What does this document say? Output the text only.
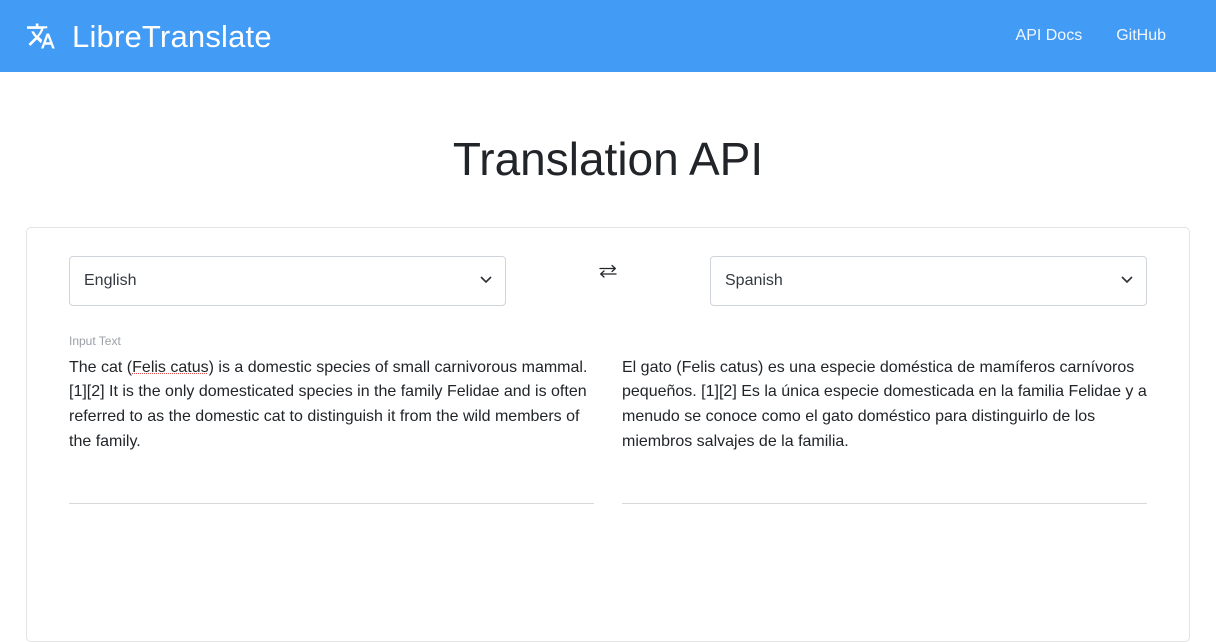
LibreTranslate	API Docs GitHub
Translation API
English
Spanish
Input Text
The cat (Felis catus) is a domestic species of small carnivorous mammal.[1][2] It is the only domesticated species in the family Felidae and is often referred to as the domestic cat to distinguish it from the wild members of the family.
El gato (Felis catus) es una especie doméstica de mamíferos carnívoros pequeños. [1][2] Es la única especie domesticada en la familia Felidae y a menudo se conoce como el gato doméstico para distinguirlo de los miembros salvajes de la familia.
